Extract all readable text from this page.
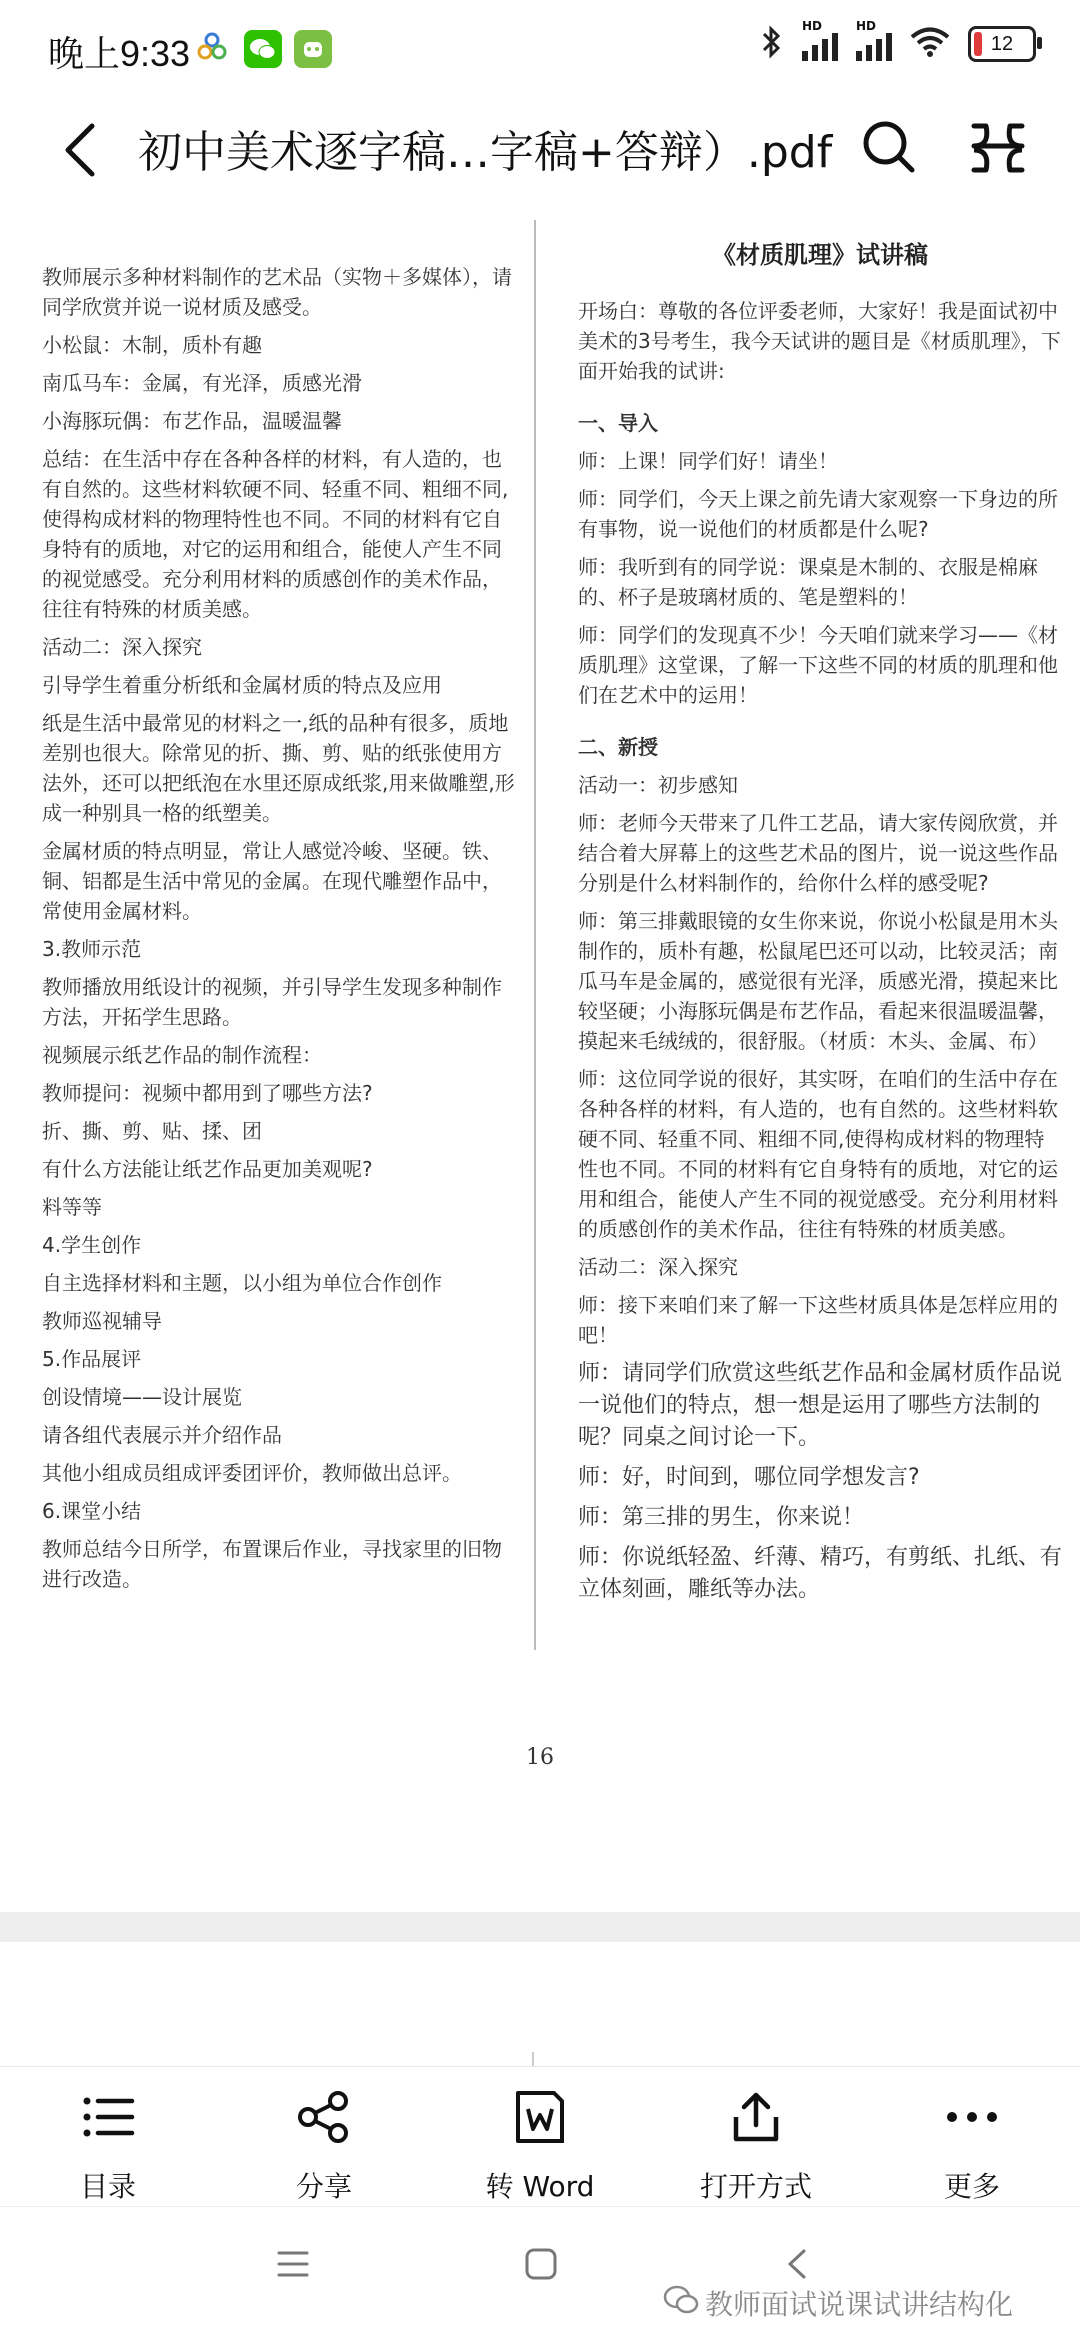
晚上9:33
HD	HD
12
初中美术逐字稿…字稿+答辩）.pdf

教师展示多种材料制作的艺术品（实物＋多媒体），请同学欣赏并说一说材质及感受。

小松鼠：木制，质朴有趣

南瓜马车：金属，有光泽，质感光滑

小海豚玩偶：布艺作品，温暖温馨

总结：在生活中存在各种各样的材料，有人造的，也有自然的。这些材料软硬不同、轻重不同、粗细不同,使得构成材料的物理特性也不同。不同的材料有它自身特有的质地，对它的运用和组合，能使人产生不同的视觉感受。充分利用材料的质感创作的美术作品，往往有特殊的材质美感。

活动二：深入探究

引导学生着重分析纸和金属材质的特点及应用

纸是生活中最常见的材料之一,纸的品种有很多，质地差别也很大。除常见的折、撕、剪、贴的纸张使用方法外，还可以把纸泡在水里还原成纸浆,用来做雕塑,形成一种别具一格的纸塑美。

金属材质的特点明显，常让人感觉冷峻、坚硬。铁、铜、铝都是生活中常见的金属。在现代雕塑作品中，常使用金属材料。

3.教师示范

教师播放用纸设计的视频，并引导学生发现多种制作方法，开拓学生思路。

视频展示纸艺作品的制作流程：

教师提问：视频中都用到了哪些方法?

折、撕、剪、贴、揉、团

有什么方法能让纸艺作品更加美观呢?

料等等

4.学生创作

自主选择材料和主题，以小组为单位合作创作

教师巡视辅导

5.作品展评

创设情境——设计展览

请各组代表展示并介绍作品

其他小组成员组成评委团评价，教师做出总评。

6.课堂小结

教师总结今日所学，布置课后作业，寻找家里的旧物进行改造。

《材质肌理》试讲稿

开场白：尊敬的各位评委老师，大家好！我是面试初中美术的3号考生，我今天试讲的题目是《材质肌理》，下面开始我的试讲:

一、导入

师：上课！同学们好！请坐！

师：同学们，今天上课之前先请大家观察一下身边的所有事物，说一说他们的材质都是什么呢?

师：我听到有的同学说：课桌是木制的、衣服是棉麻的、杯子是玻璃材质的、笔是塑料的！

师：同学们的发现真不少！今天咱们就来学习——《材质肌理》这堂课，了解一下这些不同的材质的肌理和他们在艺术中的运用！

二、新授

活动一：初步感知

师：老师今天带来了几件工艺品，请大家传阅欣赏，并结合着大屏幕上的这些艺术品的图片，说一说这些作品分别是什么材料制作的，给你什么样的感受呢?

师：第三排戴眼镜的女生你来说，你说小松鼠是用木头制作的，质朴有趣，松鼠尾巴还可以动，比较灵活；南瓜马车是金属的，感觉很有光泽，质感光滑，摸起来比较坚硬；小海豚玩偶是布艺作品，看起来很温暖温馨，摸起来毛绒绒的，很舒服。（材质：木头、金属、布）

师：这位同学说的很好，其实呀，在咱们的生活中存在各种各样的材料，有人造的，也有自然的。这些材料软硬不同、轻重不同、粗细不同,使得构成材料的物理特性也不同。不同的材料有它自身特有的质地，对它的运用和组合，能使人产生不同的视觉感受。充分利用材料的质感创作的美术作品，往往有特殊的材质美感。

活动二：深入探究

师：接下来咱们来了解一下这些材质具体是怎样应用的吧！

师：请同学们欣赏这些纸艺作品和金属材质作品说一说他们的特点，想一想是运用了哪些方法制的呢？同桌之间讨论一下。

师：好，时间到，哪位同学想发言?

师：第三排的男生，你来说！

师：你说纸轻盈、纤薄、精巧，有剪纸、扎纸、有立体刻画，雕纸等办法。

16
目录	分享	转 Word	打开方式	更多
教师面试说课试讲结构化
